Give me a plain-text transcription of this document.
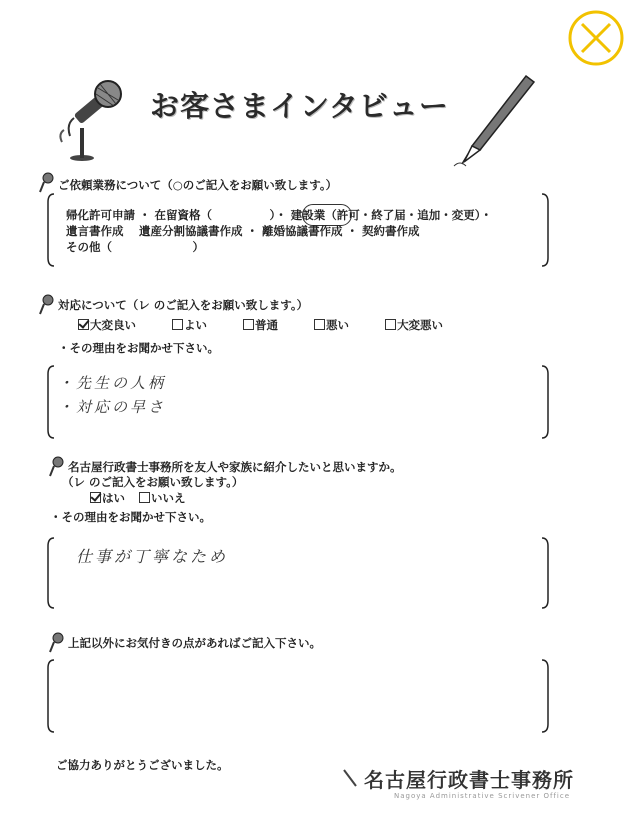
お客さまインタビュー
ご依頼業務について（○のご記入をお願い致します。）
帰化許可申請 ・ 在留資格（　　　　　）・ 建設業（許可・終了届・追加・変更）・
遺言書作成　 遺産分割協議書作成 ・ 離婚協議書作成 ・ 契約書作成
その他（　　　　　　　）
対応について（レ のご記入をお願い致します。）
大変良い	よい	普通	悪い	大変悪い
・その理由をお聞かせ下さい。
・先生の人柄
・対応の早さ
名古屋行政書士事務所を友人や家族に紹介したいと思いますか。
（レ のご記入をお願い致します。）
はい いいえ
・その理由をお聞かせ下さい。
仕事が丁寧なため
上記以外にお気付きの点があればご記入下さい。
ご協力ありがとうございました。
名古屋行政書士事務所
Nagoya Administrative Scrivener Office
